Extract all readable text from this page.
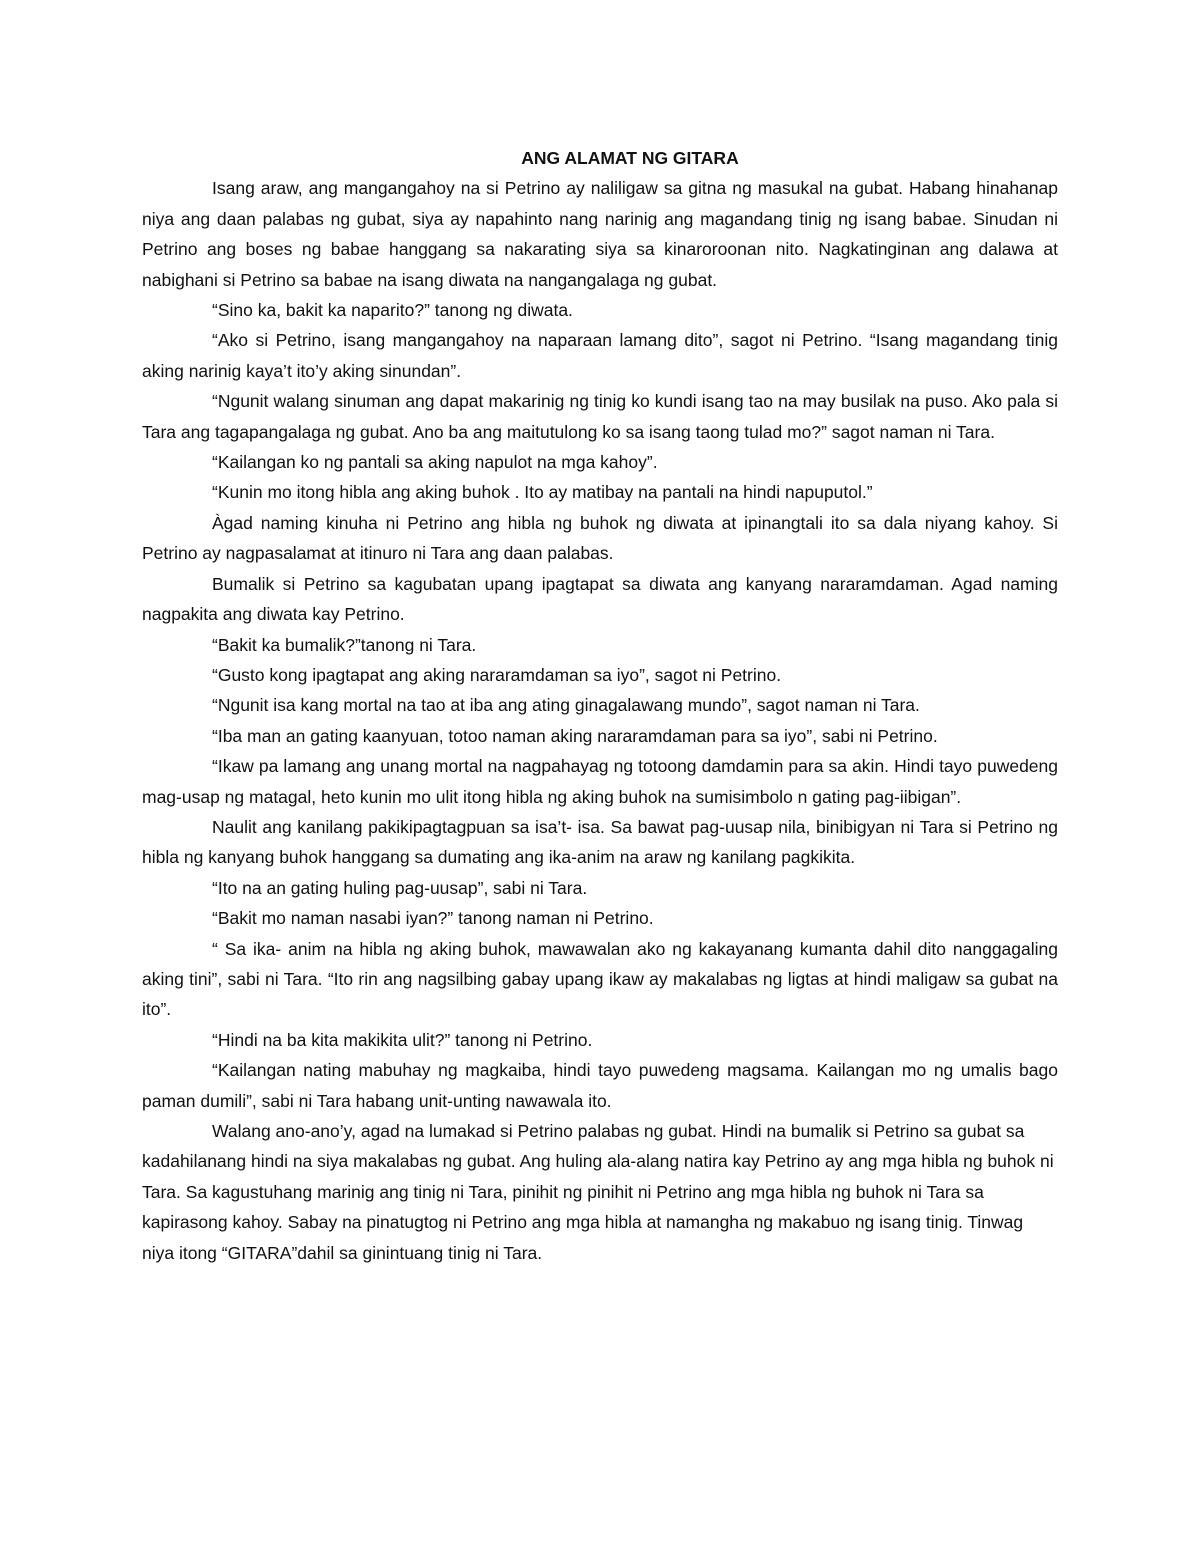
ANG ALAMAT NG GITARA

Isang araw, ang mangangahoy na si Petrino ay naliligaw sa gitna ng masukal na gubat. Habang hinahanap niya ang daan palabas ng gubat, siya ay napahinto nang narinig ang magandang tinig ng isang babae. Sinudan ni Petrino ang boses ng babae hanggang sa nakarating siya sa kinaroroonan nito. Nagkatinginan ang dalawa at nabighani si Petrino sa babae na isang diwata na nangangalaga ng gubat.

“Sino ka, bakit ka naparito?” tanong ng diwata.

“Ako si Petrino, isang mangangahoy na naparaan lamang dito”, sagot ni Petrino. “Isang magandang tinig aking narinig kaya’t ito’y aking sinundan”.

“Ngunit walang sinuman ang dapat makarinig ng tinig ko kundi isang tao na may busilak na puso. Ako pala si Tara ang tagapangalaga ng gubat. Ano ba ang maitutulong ko sa isang taong tulad mo?” sagot naman ni Tara.

“Kailangan ko ng pantali sa aking napulot na mga kahoy”.

“Kunin mo itong hibla ang aking buhok . Ito ay matibay na pantali na hindi napuputol.”

Àgad naming kinuha ni Petrino ang hibla ng buhok ng diwata at ipinangtali ito sa dala niyang kahoy. Si Petrino ay nagpasalamat at itinuro ni Tara ang daan palabas.

Bumalik si Petrino sa kagubatan upang ipagtapat sa diwata ang kanyang nararamdaman. Agad naming nagpakita ang diwata kay Petrino.

“Bakit ka bumalik?”tanong ni Tara.

“Gusto kong ipagtapat ang aking nararamdaman sa iyo”, sagot ni Petrino.

“Ngunit isa kang mortal na tao at iba ang ating ginagalawang mundo”, sagot naman ni Tara.

“Iba man an gating kaanyuan, totoo naman aking nararamdaman para sa iyo”, sabi ni Petrino.

“Ikaw pa lamang ang unang mortal na nagpahayag ng totoong damdamin para sa akin. Hindi tayo puwedeng mag-usap ng matagal, heto kunin mo ulit itong hibla ng aking buhok na sumisimbolo n gating pag-iibigan”.

Naulit ang kanilang pakikipagtagpuan sa isa’t- isa. Sa bawat pag-uusap nila, binibigyan ni Tara si Petrino ng hibla ng kanyang buhok hanggang sa dumating ang ika-anim na araw ng kanilang pagkikita.

“Ito na an gating huling pag-uusap”, sabi ni Tara.

“Bakit mo naman nasabi iyan?” tanong naman ni Petrino.

“ Sa ika- anim na hibla ng aking buhok, mawawalan ako ng kakayanang kumanta dahil dito nanggagaling aking tini”, sabi ni Tara. “Ito rin ang nagsilbing gabay upang ikaw ay makalabas ng ligtas at hindi maligaw sa gubat na ito”.

“Hindi na ba kita makikita ulit?” tanong ni Petrino.

“Kailangan nating mabuhay ng magkaiba, hindi tayo puwedeng magsama. Kailangan mo ng umalis bago paman dumili”, sabi ni Tara habang unit-unting nawawala ito.

Walang ano-ano’y, agad na lumakad si Petrino palabas ng gubat. Hindi na bumalik si Petrino sa gubat sa kadahilanang hindi na siya makalabas ng gubat. Ang huling ala-alang natira kay Petrino ay ang mga hibla ng buhok ni Tara. Sa kagustuhang marinig ang tinig ni Tara, pinihit ng pinihit ni Petrino ang mga hibla ng buhok ni Tara sa kapirasong kahoy. Sabay na pinatugtog ni Petrino ang mga hibla at namangha ng makabuo ng isang tinig. Tinwag niya itong “GITARA”dahil sa ginintuang tinig ni Tara.
